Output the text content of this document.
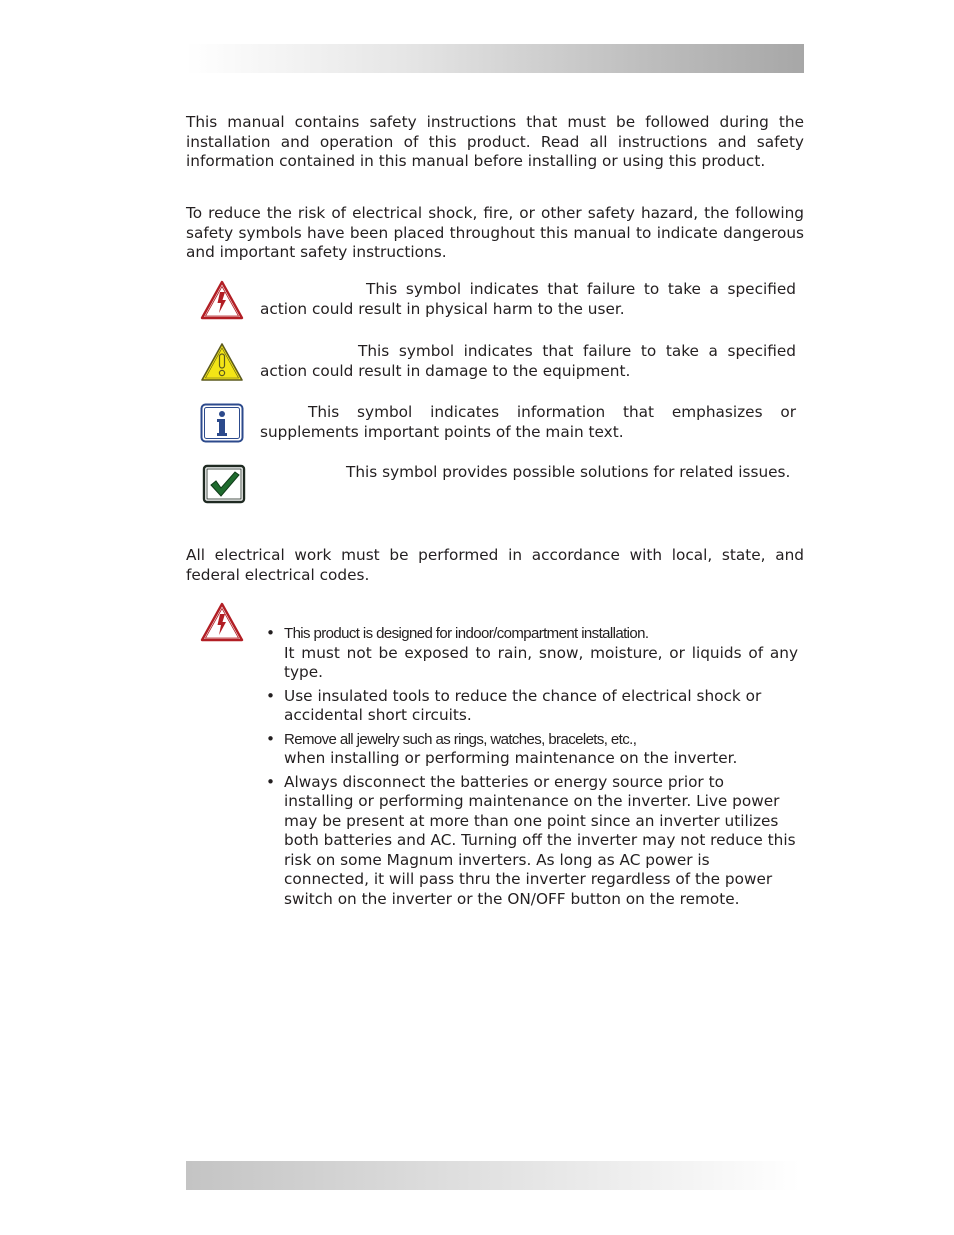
This manual contains safety instructions that must be followed during the installation and operation of this product. Read all instructions and safety information contained in this manual before installing or using this product.

To reduce the risk of electrical shock, fire, or other safety hazard, the following safety symbols have been placed throughout this manual to indicate dangerous and important safety instructions.

This symbol indicates that failure to take a specified action could result in physical harm to the user.

This symbol indicates that failure to take a specified action could result in damage to the equipment.

This symbol indicates information that emphasizes or supplements important points of the main text.

This symbol provides possible solutions for related issues.

All electrical work must be performed in accordance with local, state, and federal electrical codes.

• This product is designed for indoor/compartment installation.
It must not be exposed to rain, snow, moisture, or liquids of any type.
• Use insulated tools to reduce the chance of electrical shock or accidental short circuits.
• Remove all jewelry such as rings, watches, bracelets, etc.,
when installing or performing maintenance on the inverter.
• Always disconnect the batteries or energy source prior to installing or performing maintenance on the inverter. Live power may be present at more than one point since an inverter utilizes both batteries and AC. Turning off the inverter may not reduce this risk on some Magnum inverters. As long as AC power is connected, it will pass thru the inverter regardless of the power switch on the inverter or the ON/OFF button on the remote.
